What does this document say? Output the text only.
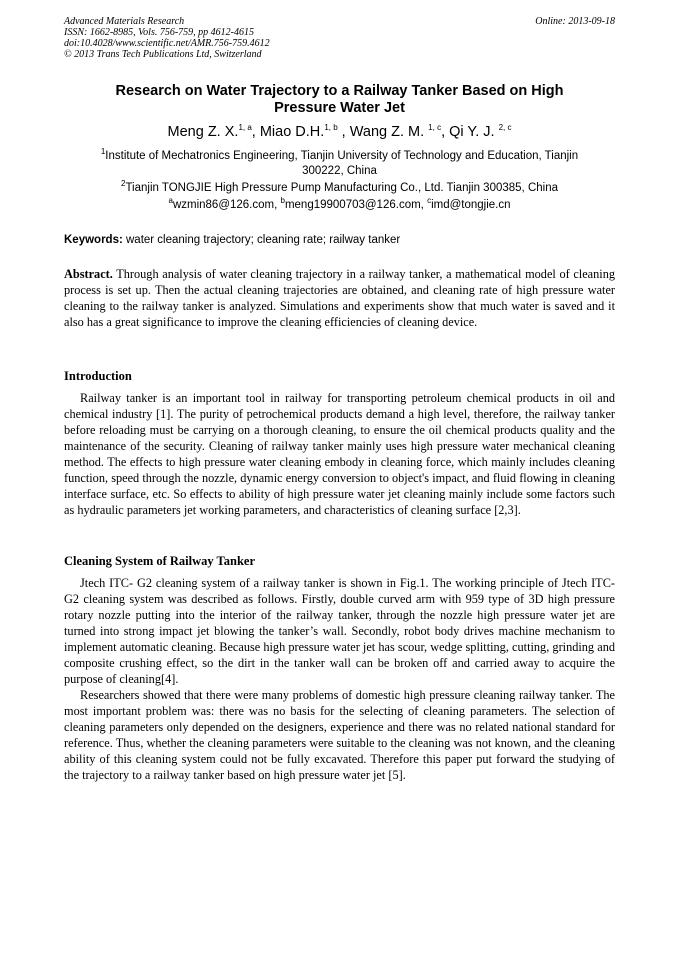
Advanced Materials Research
ISSN: 1662-8985, Vols. 756-759, pp 4612-4615
doi:10.4028/www.scientific.net/AMR.756-759.4612
© 2013 Trans Tech Publications Ltd, Switzerland
Online: 2013-09-18
Research on Water Trajectory to a Railway Tanker Based on High
Pressure Water Jet
Meng Z. X.$^{1, a}$, Miao D.H.$^{1, b}$ , Wang Z. M. $^{1, c}$, Qi Y. J. $^{2, c}$
$^1$Institute of Mechatronics Engineering, Tianjin University of Technology and Education, Tianjin
300222, China
$^2$Tianjin TONGJIE High Pressure Pump Manufacturing Co., Ltd. Tianjin 300385, China
$^a$wzmin86@126.com, $^b$meng19900703@126.com, $^c$imd@tongjie.cn
Keywords: water cleaning trajectory; cleaning rate; railway tanker

Abstract. Through analysis of water cleaning trajectory in a railway tanker, a mathematical model of cleaning process is set up. Then the actual cleaning trajectories are obtained, and cleaning rate of high pressure water cleaning to the railway tanker is analyzed. Simulations and experiments show that much water is saved and it also has a great significance to improve the cleaning efficiencies of cleaning device.

Introduction

Railway tanker is an important tool in railway for transporting petroleum chemical products in oil and chemical industry [1]. The purity of petrochemical products demand a high level, therefore, the railway tanker before reloading must be carrying on a thorough cleaning, to ensure the oil chemical products quality and the maintenance of the security. Cleaning of railway tanker mainly uses high pressure water mechanical cleaning method. The effects to high pressure water cleaning embody in cleaning force, which mainly includes cleaning function, speed through the nozzle, dynamic energy conversion to object's impact, and fluid flowing in cleaning interface surface, etc. So effects to ability of high pressure water jet cleaning mainly include some factors such as hydraulic parameters jet working parameters, and characteristics of cleaning surface [2,3].

Cleaning System of Railway Tanker

Jtech ITC- G2 cleaning system of a railway tanker is shown in Fig.1. The working principle of Jtech ITC-G2 cleaning system was described as follows. Firstly, double curved arm with 959 type of 3D high pressure rotary nozzle putting into the interior of the railway tanker, through the nozzle high pressure water jet are turned into strong impact jet blowing the tanker’s wall. Secondly, robot body drives machine mechanism to implement automatic cleaning. Because high pressure water jet has scour, wedge splitting, cutting, grinding and composite crushing effect, so the dirt in the tanker wall can be broken off and carried away to acquire the purpose of cleaning[4].

Researchers showed that there were many problems of domestic high pressure cleaning railway tanker. The most important problem was: there was no basis for the selecting of cleaning parameters. The selection of cleaning parameters only depended on the designers, experience and there was no related national standard for reference. Thus, whether the cleaning parameters were suitable to the cleaning was not known, and the cleaning ability of this cleaning system could not be fully excavated. Therefore this paper put forward the studying of the trajectory to a railway tanker based on high pressure water jet [5].
